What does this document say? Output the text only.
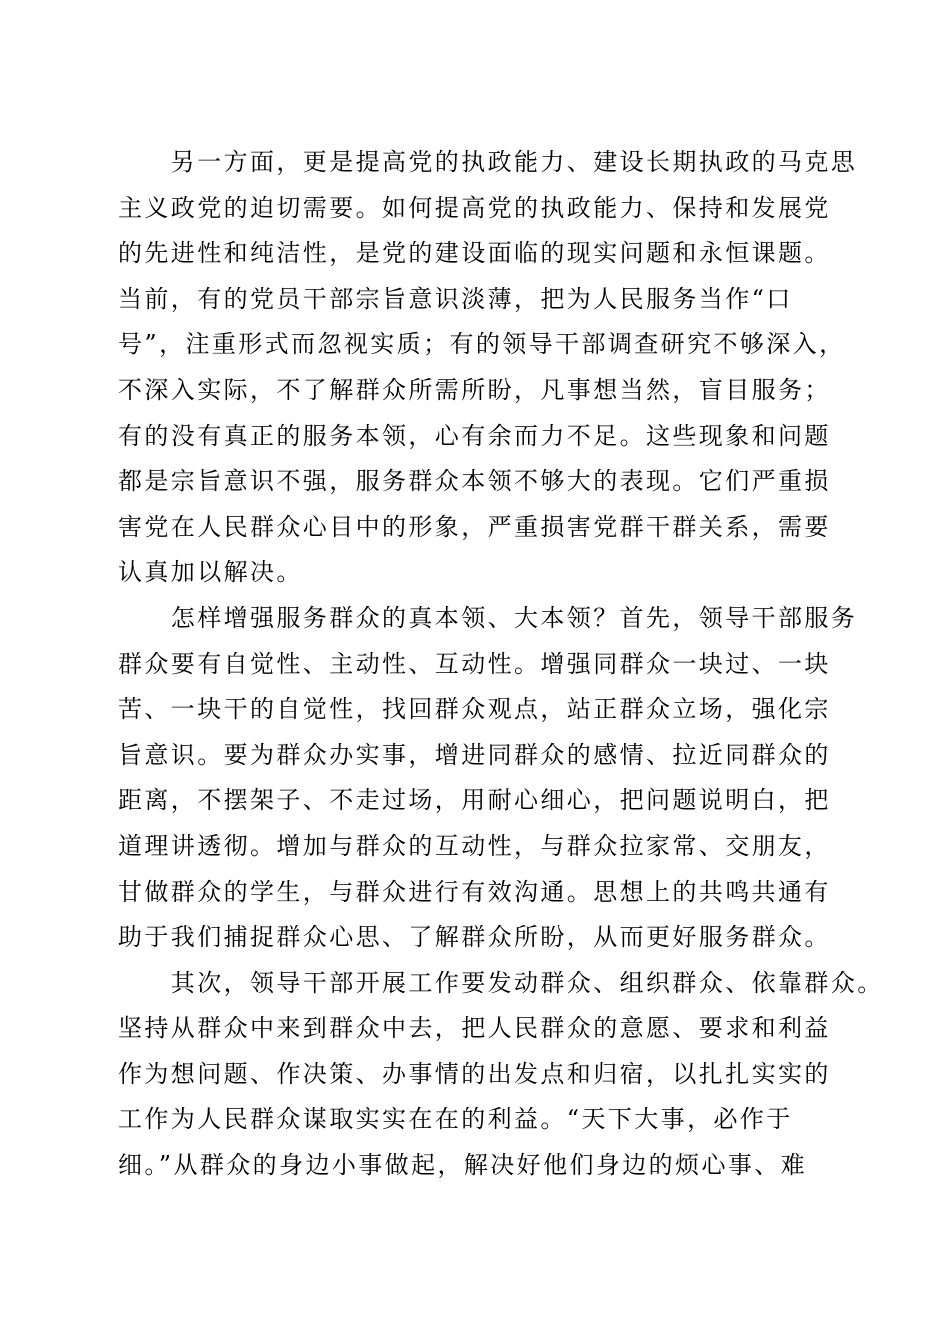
　　另一方面，更是提高党的执政能力、建设长期执政的马克思
主义政党的迫切需要。如何提高党的执政能力、保持和发展党
的先进性和纯洁性，是党的建设面临的现实问题和永恒课题。
当前，有的党员干部宗旨意识淡薄，把为人民服务当作“口
号”，注重形式而忽视实质；有的领导干部调查研究不够深入，
不深入实际，不了解群众所需所盼，凡事想当然，盲目服务；
有的没有真正的服务本领，心有余而力不足。这些现象和问题
都是宗旨意识不强，服务群众本领不够大的表现。它们严重损
害党在人民群众心目中的形象，严重损害党群干群关系，需要
认真加以解决。
　　怎样增强服务群众的真本领、大本领？首先，领导干部服务
群众要有自觉性、主动性、互动性。增强同群众一块过、一块
苦、一块干的自觉性，找回群众观点，站正群众立场，强化宗
旨意识。要为群众办实事，增进同群众的感情、拉近同群众的
距离，不摆架子、不走过场，用耐心细心，把问题说明白，把
道理讲透彻。增加与群众的互动性，与群众拉家常、交朋友，
甘做群众的学生，与群众进行有效沟通。思想上的共鸣共通有
助于我们捕捉群众心思、了解群众所盼，从而更好服务群众。
　　其次，领导干部开展工作要发动群众、组织群众、依靠群众。
坚持从群众中来到群众中去，把人民群众的意愿、要求和利益
作为想问题、作决策、办事情的出发点和归宿，以扎扎实实的
工作为人民群众谋取实实在在的利益。“天下大事，必作于
细。”从群众的身边小事做起，解决好他们身边的烦心事、难
